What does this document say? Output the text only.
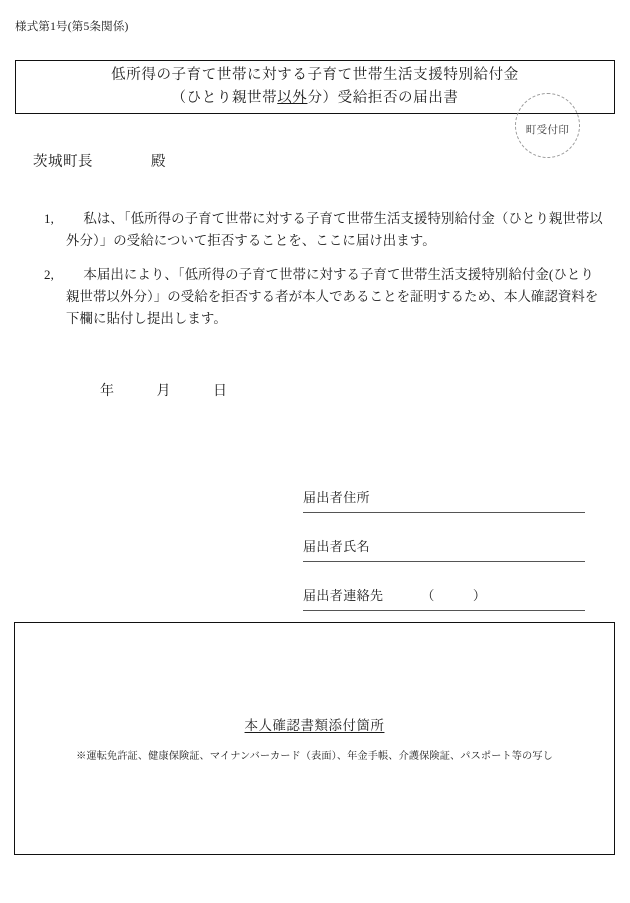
様式第1号(第5条関係)
低所得の子育て世帯に対する子育て世帯生活支援特別給付金
（ひとり親世帯以外分）受給拒否の届出書
町受付印
茨城町長	殿
1,	私は、「低所得の子育て世帯に対する子育て世帯生活支援特別給付金（ひとり親世帯以外分）」の受給について拒否することを、ここに届け出ます。
2,	本届出により、「低所得の子育て世帯に対する子育て世帯生活支援特別給付金(ひとり親世帯以外分）」の受給を拒否する者が本人であることを証明するため、本人確認資料を下欄に貼付し提出します。
年	月	日
届出者住所
届出者氏名
届出者連絡先	（	）
本人確認書類添付箇所
※運転免許証、健康保険証、マイナンバーカード（表面）、年金手帳、介護保険証、パスポート等の写し
